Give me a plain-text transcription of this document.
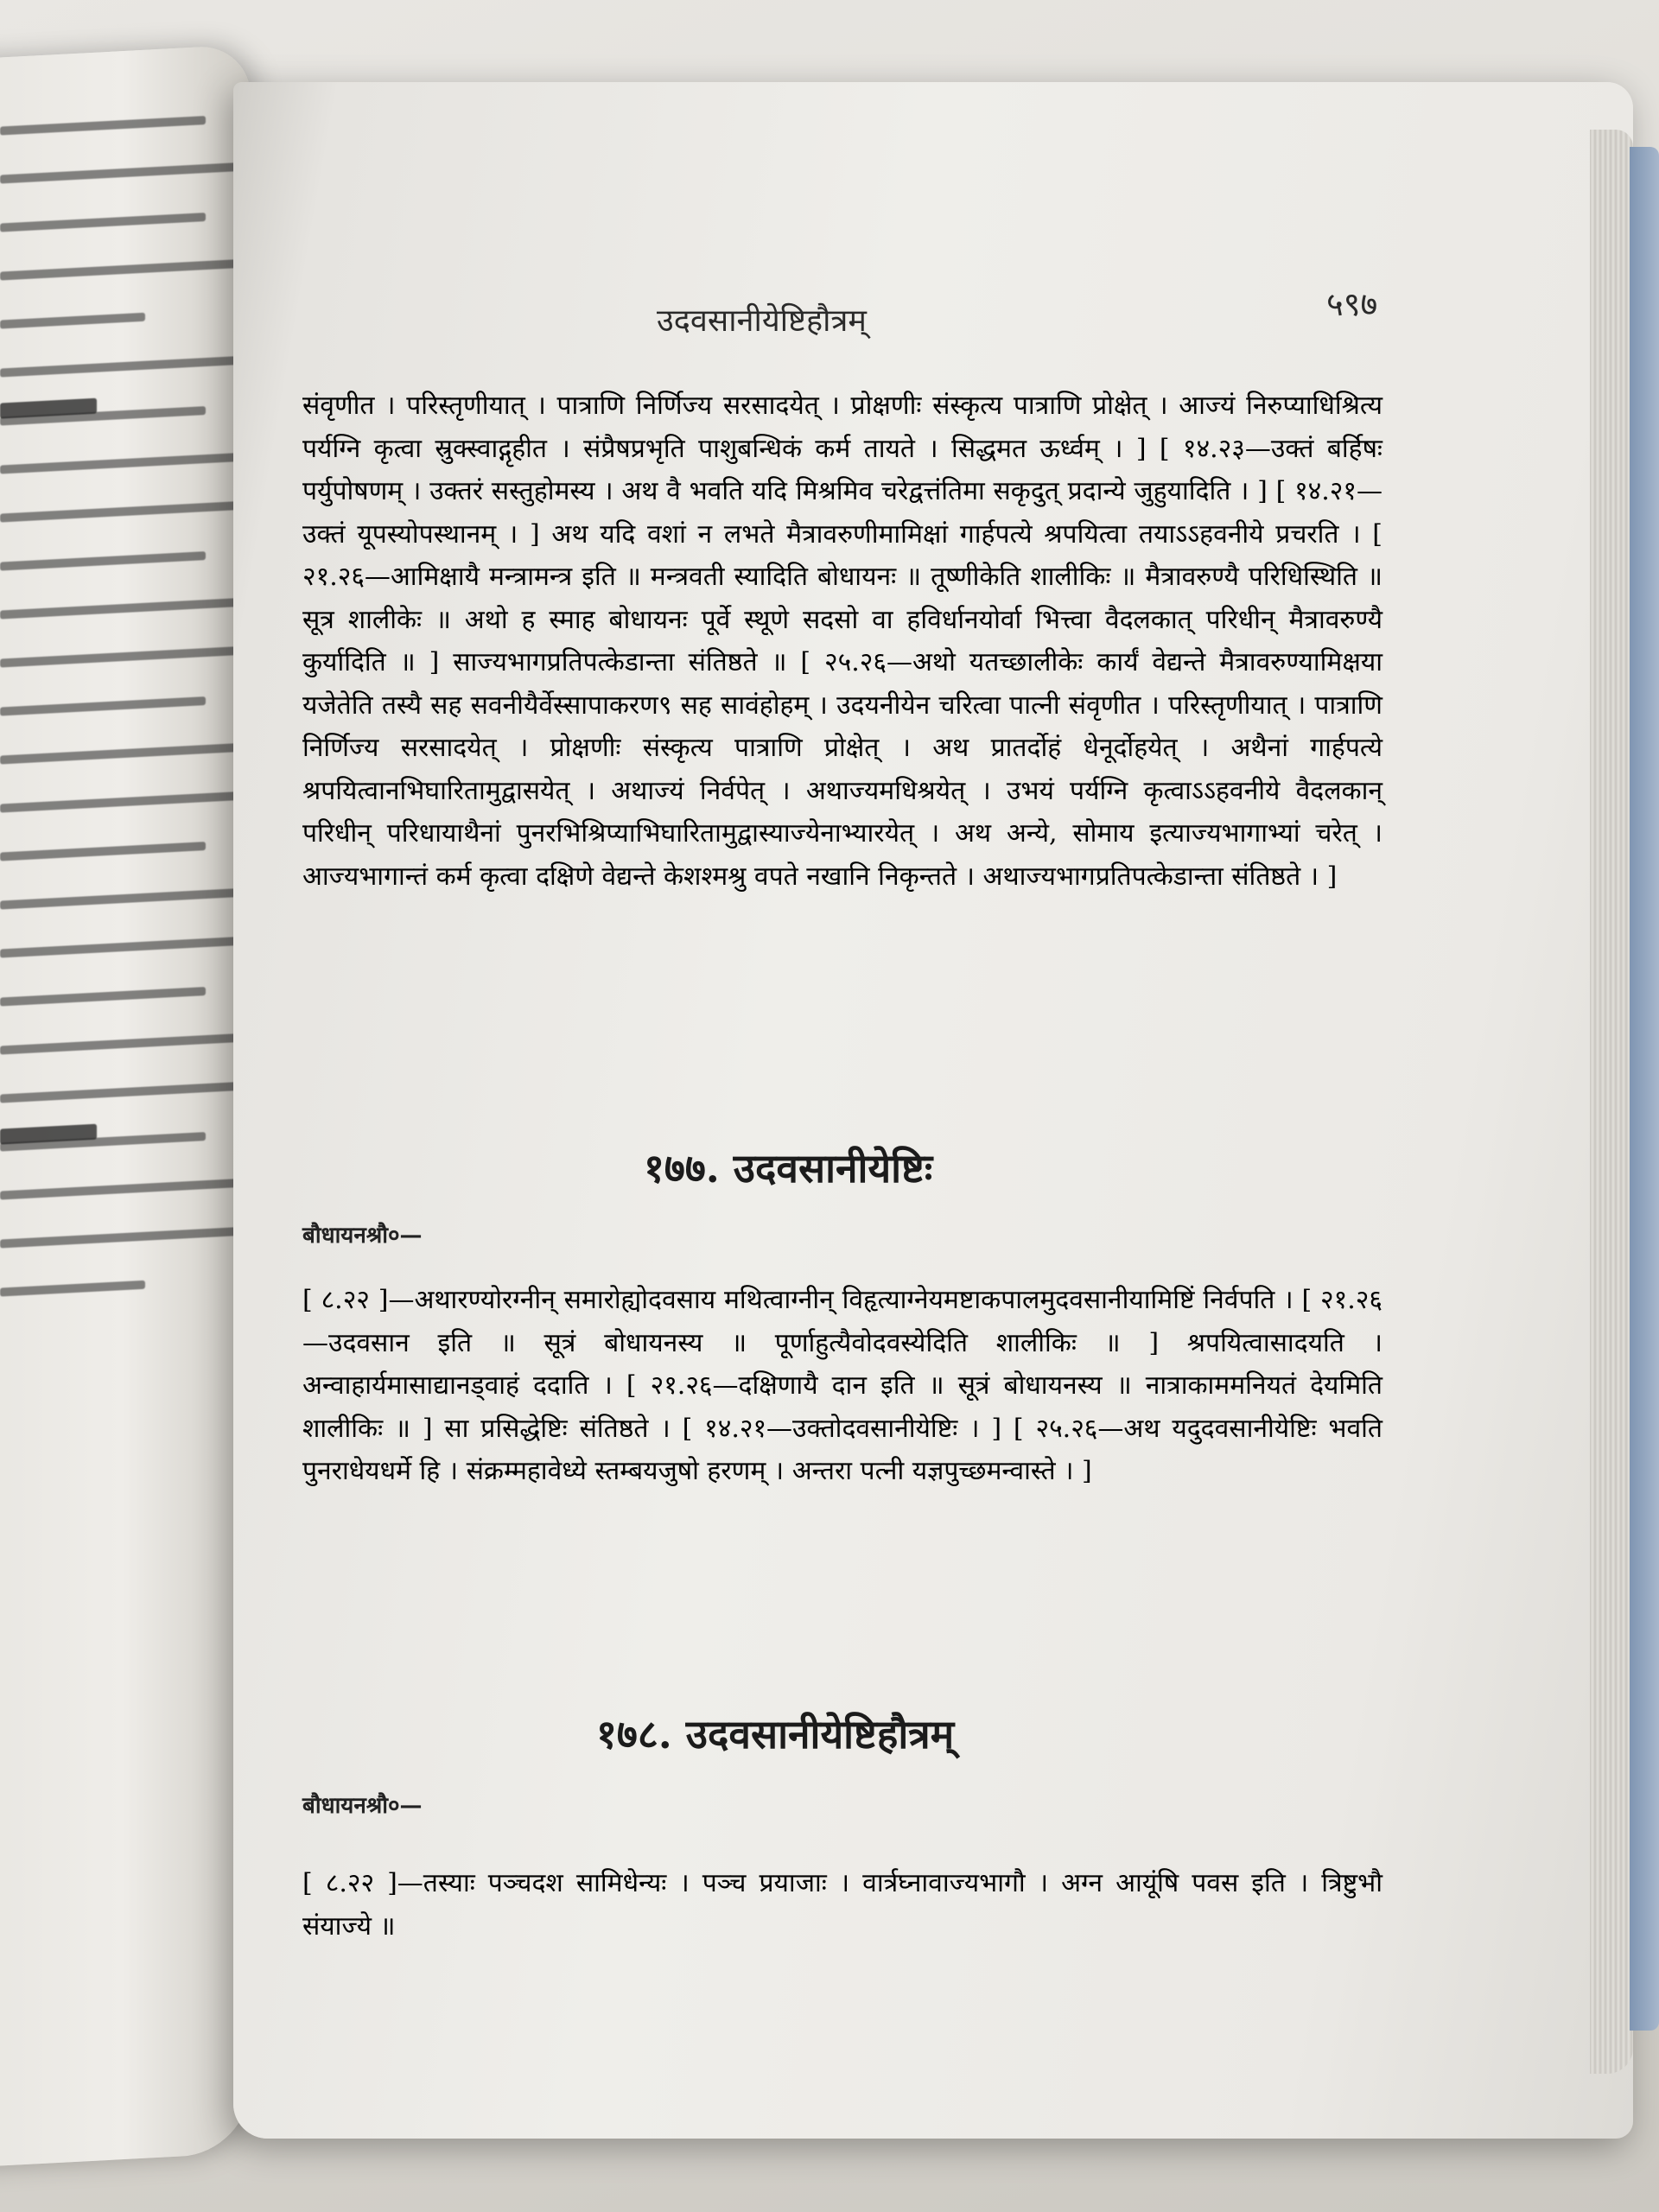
उदवसानीयेष्टिहौत्रम्	५९७

संवृणीत । परिस्तृणीयात् । पात्राणि निर्णिज्य सरसादयेत् । प्रोक्षणीः संस्कृत्य पात्राणि प्रोक्षेत् । आज्यं निरुप्याधिश्रित्य पर्यग्नि कृत्वा स्रुक्स्वाद्गृहीत । संप्रैषप्रभृति पाशुबन्धिकं कर्म तायते । सिद्धमत ऊर्ध्वम् । ] [ १४.२३—उक्तं बर्हिषः पर्युपोषणम् । उक्तरं सस्तुहोमस्य । अथ वै भवति यदि मिश्रमिव चरेद्वत्तंतिमा सकृदुत् प्रदान्ये जुहुयादिति । ] [ १४.२१—उक्तं यूपस्योपस्थानम् । ] अथ यदि वशां न लभते मैत्रावरुणीमामिक्षां गार्हपत्ये श्रपयित्वा तयाऽऽहवनीये प्रचरति । [ २१.२६—आमिक्षायै मन्त्रामन्त्र इति ॥ मन्त्रवती स्यादिति बोधायनः ॥ तूष्णीकेति शालीकिः ॥ मैत्रावरुण्यै परिधिस्थिति ॥ सूत्र शालीकेः ॥ अथो ह स्माह बोधायनः पूर्वे स्थूणे सदसो वा हविर्धानयोर्वा भित्त्वा वैदलकात् परिधीन् मैत्रावरुण्यै कुर्यादिति ॥ ] साज्यभागप्रतिपत्केडान्ता संतिष्ठते ॥ [ २५.२६—अथो यतच्छालीकेः कार्यं वेद्यन्ते मैत्रावरुण्यामिक्षया यजेतेति तस्यै सह सवनीयैर्वेस्सापाकरण९ सह सावंहोहम् । उदयनीयेन चरित्वा पात्नी संवृणीत । परिस्तृणीयात् । पात्राणि निर्णिज्य सरसादयेत् । प्रोक्षणीः संस्कृत्य पात्राणि प्रोक्षेत् । अथ प्रातर्दोहं धेनूर्दोहयेत् । अथैनां गार्हपत्ये श्रपयित्वानभिघारितामुद्वासयेत् । अथाज्यं निर्वपेत् । अथाज्यमधिश्रयेत् । उभयं पर्यग्नि कृत्वाऽऽहवनीये वैदलकान् परिधीन् परिधायाथैनां पुनरभिश्रिप्याभिघारितामुद्वास्याज्येनाभ्यारयेत् । अथ अन्ये, सोमाय इत्याज्यभागाभ्यां चरेत् । आज्यभागान्तं कर्म कृत्वा दक्षिणे वेद्यन्ते केशश्मश्रु वपते नखानि निकृन्तते । अथाज्यभागप्रतिपत्केडान्ता संतिष्ठते । ]

१७७. उदवसानीयेष्टिः
बौधायनश्रौ०—

[ ८.२२ ]—अथारण्योरग्नीन् समारोह्योदवसाय मथित्वाग्नीन् विहृत्याग्नेयमष्टाकपालमुदवसानीयामिष्टिं निर्वपति । [ २१.२६—उदवसान इति ॥ सूत्रं बोधायनस्य ॥ पूर्णाहुत्यैवोदवस्येदिति शालीकिः ॥ ] श्रपयित्वासादयति । अन्वाहार्यमासाद्यानड्वाहं ददाति । [ २१.२६—दक्षिणायै दान इति ॥ सूत्रं बोधायनस्य ॥ नात्राकाममनियतं देयमिति शालीकिः ॥ ] सा प्रसिद्धेष्टिः संतिष्ठते । [ १४.२१—उक्तोदवसानीयेष्टिः । ] [ २५.२६—अथ यदुदवसानीयेष्टिः भवति पुनराधेयधर्मे हि । संक्रम्महावेध्ये स्तम्बयजुषो हरणम् । अन्तरा पत्नी यज्ञपुच्छमन्वास्ते । ]

१७८. उदवसानीयेष्टिहौत्रम्
बौधायनश्रौ०—

[ ८.२२ ]—तस्याः पञ्चदश सामिधेन्यः । पञ्च प्रयाजाः । वार्त्रघ्नावाज्यभागौ । अग्न आयूंषि पवस इति । त्रिष्टुभौ संयाज्ये ॥
